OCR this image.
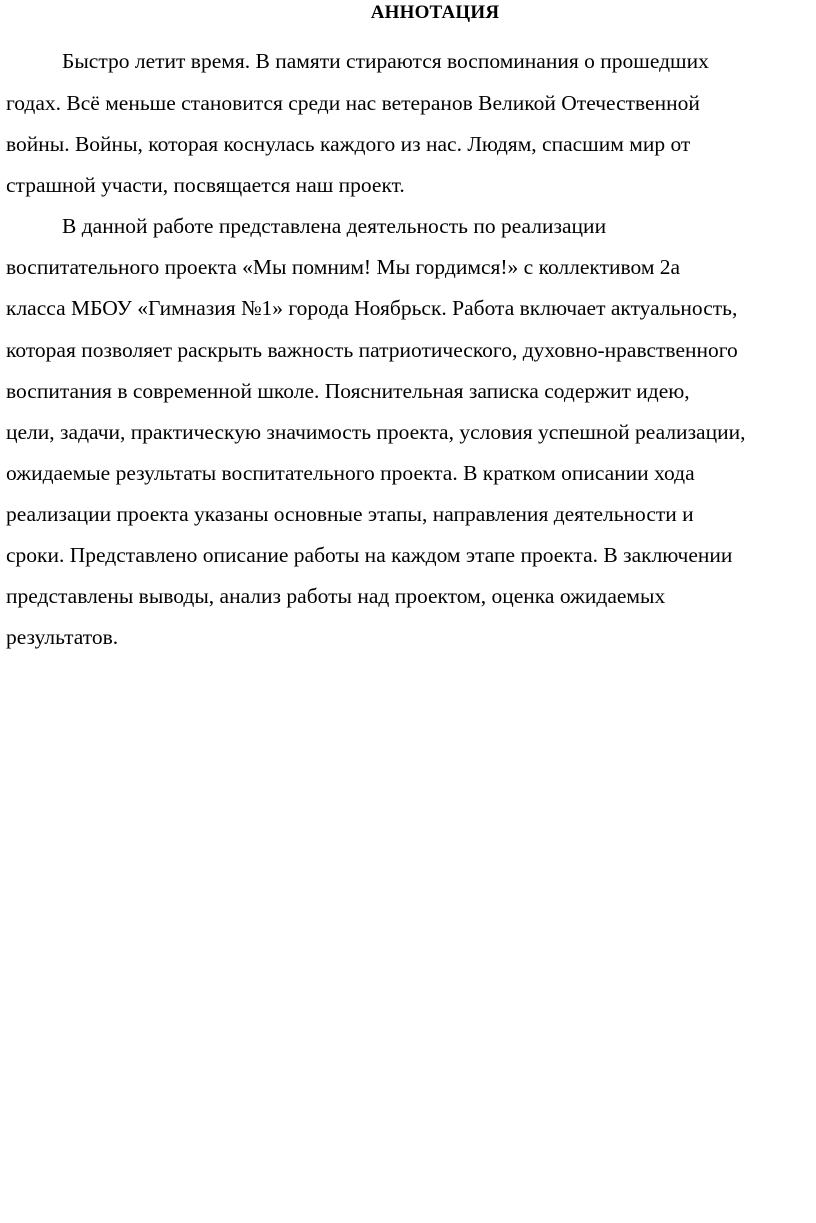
АННОТАЦИЯ
Быстро летит время. В памяти стираются воспоминания о прошедших
годах. Всё меньше становится среди нас ветеранов Великой Отечественной
войны. Войны, которая коснулась каждого из нас. Людям, спасшим мир от
страшной участи, посвящается наш проект.
В данной работе представлена деятельность по реализации
воспитательного проекта «Мы помним! Мы гордимся!» с коллективом 2а
класса МБОУ «Гимназия №1» города Ноябрьск. Работа включает актуальность,
которая позволяет раскрыть важность патриотического, духовно-нравственного
воспитания в современной школе. Пояснительная записка содержит идею,
цели, задачи, практическую значимость проекта, условия успешной реализации,
ожидаемые результаты воспитательного проекта. В кратком описании хода
реализации проекта указаны основные этапы, направления деятельности и
сроки. Представлено описание работы на каждом этапе проекта. В заключении
представлены выводы, анализ работы над проектом, оценка ожидаемых
результатов.
